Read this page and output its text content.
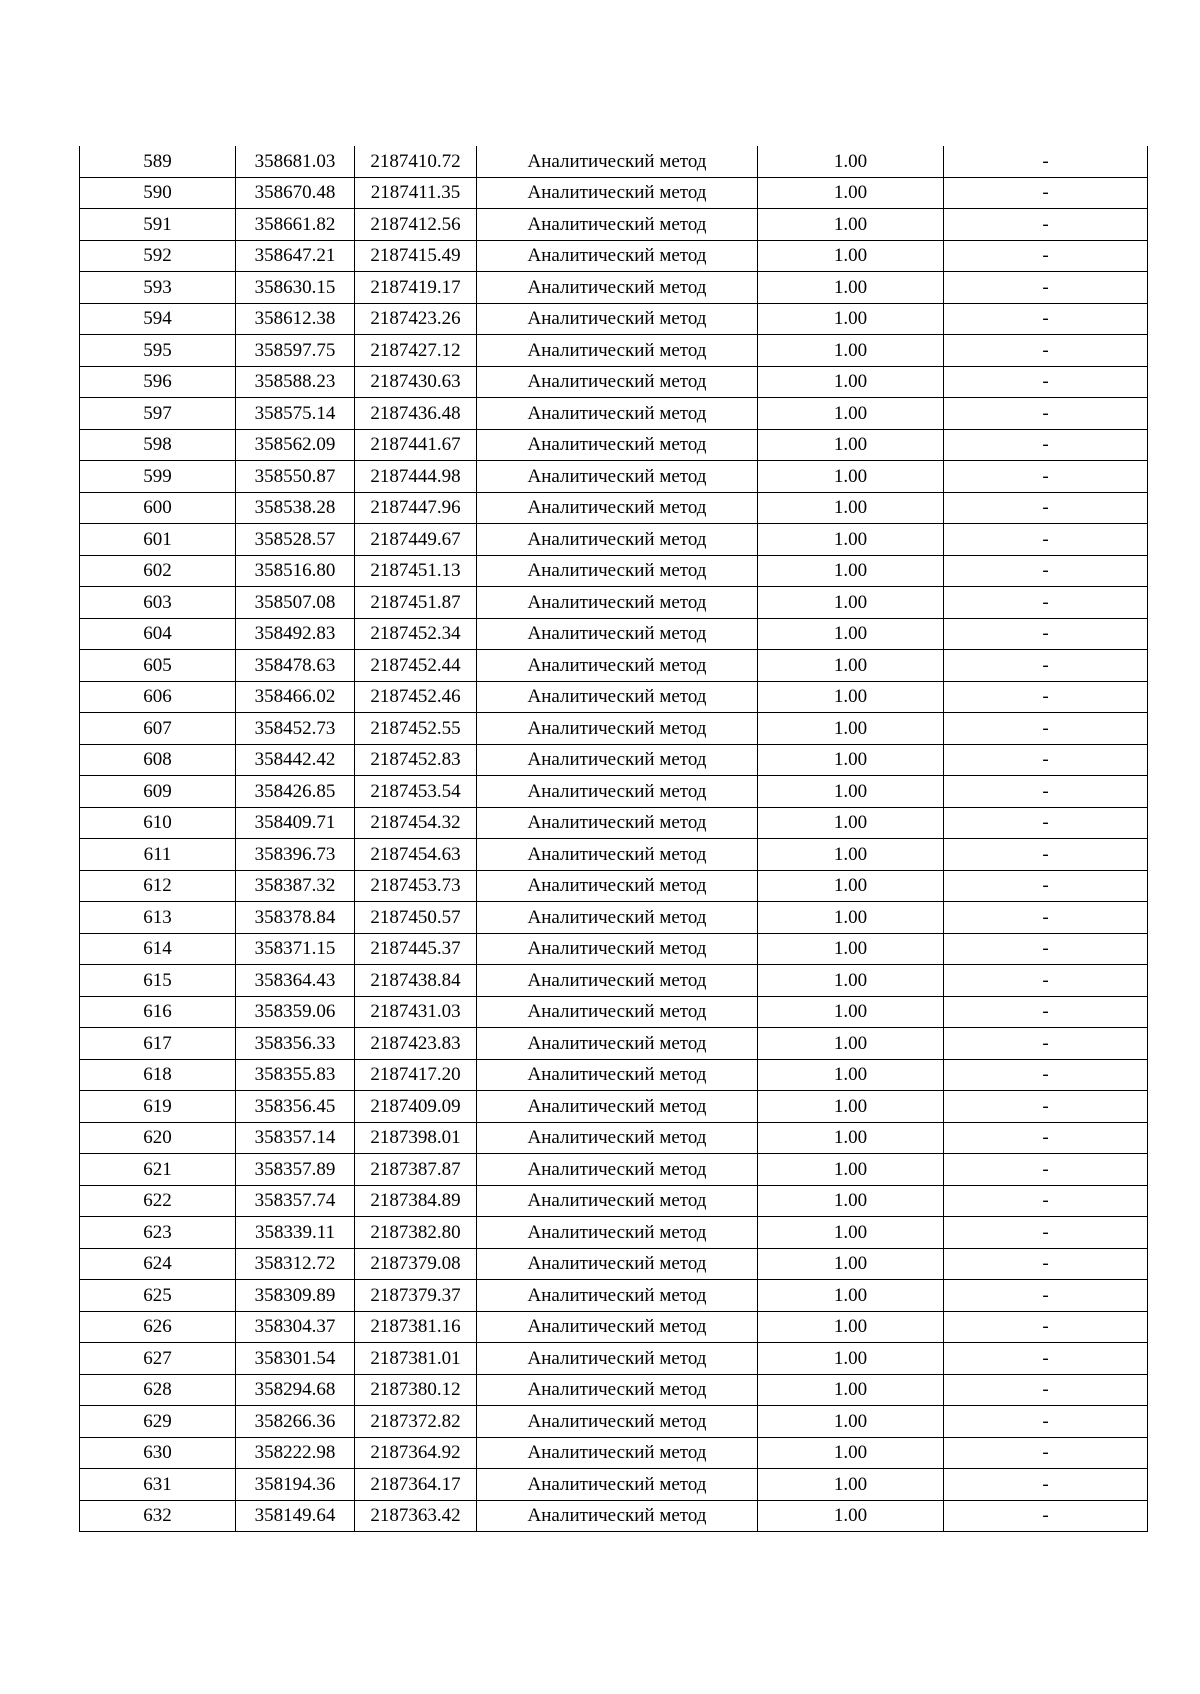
589	358681.03	2187410.72	Аналитический метод	1.00	-
590	358670.48	2187411.35	Аналитический метод	1.00	-
591	358661.82	2187412.56	Аналитический метод	1.00	-
592	358647.21	2187415.49	Аналитический метод	1.00	-
593	358630.15	2187419.17	Аналитический метод	1.00	-
594	358612.38	2187423.26	Аналитический метод	1.00	-
595	358597.75	2187427.12	Аналитический метод	1.00	-
596	358588.23	2187430.63	Аналитический метод	1.00	-
597	358575.14	2187436.48	Аналитический метод	1.00	-
598	358562.09	2187441.67	Аналитический метод	1.00	-
599	358550.87	2187444.98	Аналитический метод	1.00	-
600	358538.28	2187447.96	Аналитический метод	1.00	-
601	358528.57	2187449.67	Аналитический метод	1.00	-
602	358516.80	2187451.13	Аналитический метод	1.00	-
603	358507.08	2187451.87	Аналитический метод	1.00	-
604	358492.83	2187452.34	Аналитический метод	1.00	-
605	358478.63	2187452.44	Аналитический метод	1.00	-
606	358466.02	2187452.46	Аналитический метод	1.00	-
607	358452.73	2187452.55	Аналитический метод	1.00	-
608	358442.42	2187452.83	Аналитический метод	1.00	-
609	358426.85	2187453.54	Аналитический метод	1.00	-
610	358409.71	2187454.32	Аналитический метод	1.00	-
611	358396.73	2187454.63	Аналитический метод	1.00	-
612	358387.32	2187453.73	Аналитический метод	1.00	-
613	358378.84	2187450.57	Аналитический метод	1.00	-
614	358371.15	2187445.37	Аналитический метод	1.00	-
615	358364.43	2187438.84	Аналитический метод	1.00	-
616	358359.06	2187431.03	Аналитический метод	1.00	-
617	358356.33	2187423.83	Аналитический метод	1.00	-
618	358355.83	2187417.20	Аналитический метод	1.00	-
619	358356.45	2187409.09	Аналитический метод	1.00	-
620	358357.14	2187398.01	Аналитический метод	1.00	-
621	358357.89	2187387.87	Аналитический метод	1.00	-
622	358357.74	2187384.89	Аналитический метод	1.00	-
623	358339.11	2187382.80	Аналитический метод	1.00	-
624	358312.72	2187379.08	Аналитический метод	1.00	-
625	358309.89	2187379.37	Аналитический метод	1.00	-
626	358304.37	2187381.16	Аналитический метод	1.00	-
627	358301.54	2187381.01	Аналитический метод	1.00	-
628	358294.68	2187380.12	Аналитический метод	1.00	-
629	358266.36	2187372.82	Аналитический метод	1.00	-
630	358222.98	2187364.92	Аналитический метод	1.00	-
631	358194.36	2187364.17	Аналитический метод	1.00	-
632	358149.64	2187363.42	Аналитический метод	1.00	-
